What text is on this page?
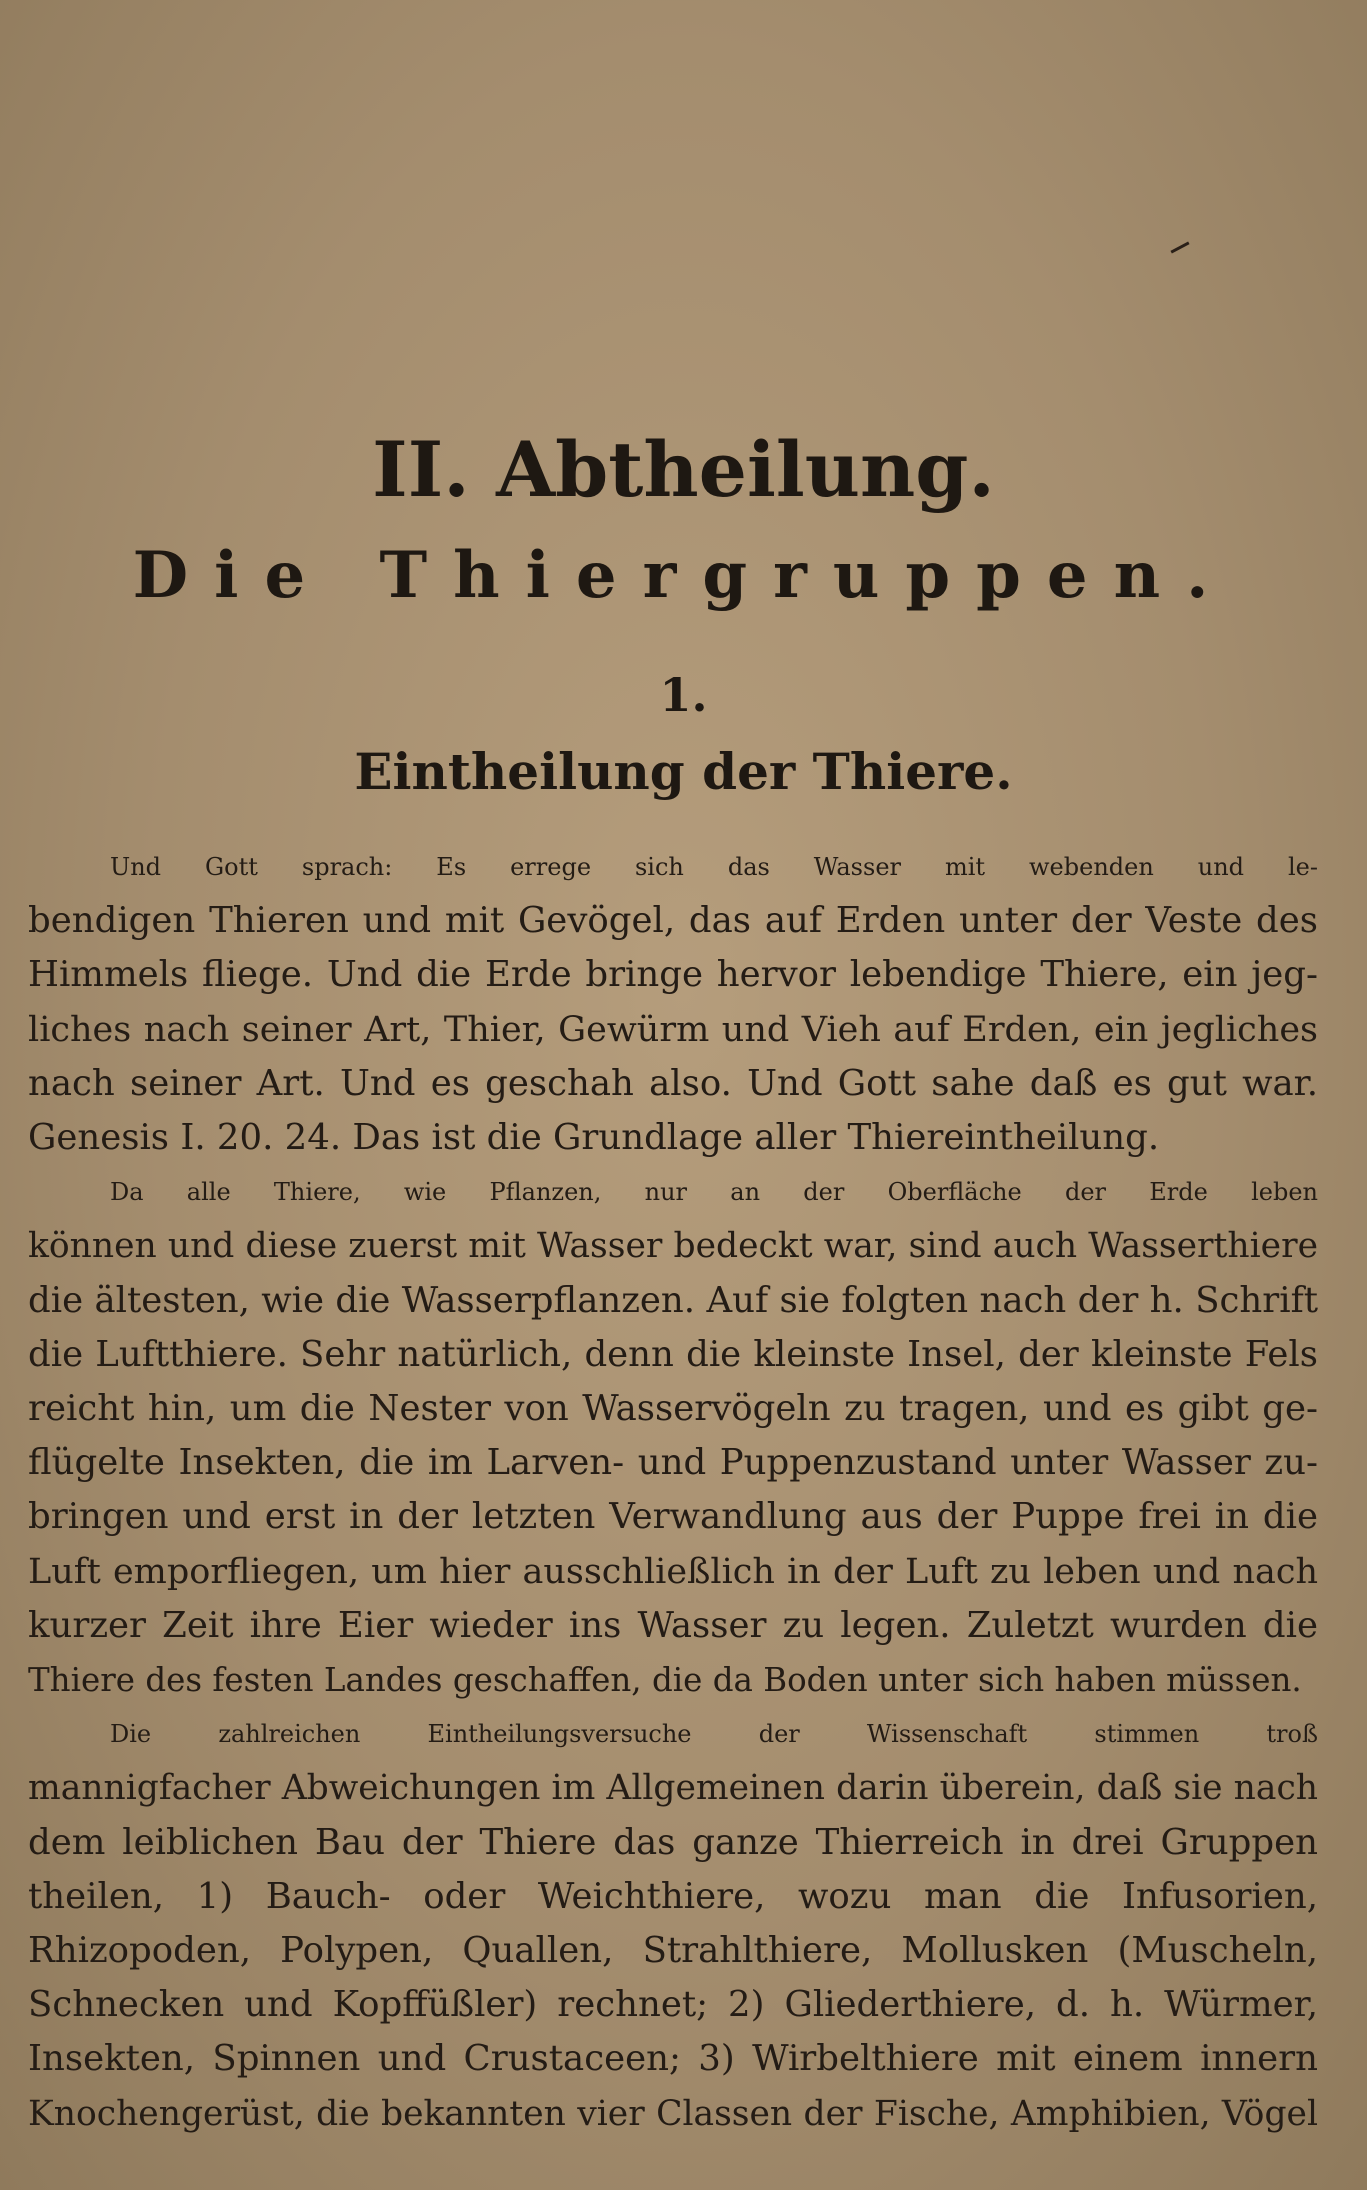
II. Abtheilung.
Die Thiergruppen.
1.
Eintheilung der Thiere.

Und Gott sprach: Es errege sich das Wasser mit webenden und le-
bendigen Thieren und mit Gevögel, das auf Erden unter der Veste des
Himmels fliege. Und die Erde bringe hervor lebendige Thiere, ein jeg-
liches nach seiner Art, Thier, Gewürm und Vieh auf Erden, ein jegliches
nach seiner Art. Und es geschah also. Und Gott sahe daß es gut war.
Genesis I. 20. 24. Das ist die Grundlage aller Thiereintheilung.

Da alle Thiere, wie Pflanzen, nur an der Oberfläche der Erde leben
können und diese zuerst mit Wasser bedeckt war, sind auch Wasserthiere
die ältesten, wie die Wasserpflanzen. Auf sie folgten nach der h. Schrift
die Luftthiere. Sehr natürlich, denn die kleinste Insel, der kleinste Fels
reicht hin, um die Nester von Wasservögeln zu tragen, und es gibt ge-
flügelte Insekten, die im Larven- und Puppenzustand unter Wasser zu-
bringen und erst in der letzten Verwandlung aus der Puppe frei in die
Luft emporfliegen, um hier ausschließlich in der Luft zu leben und nach
kurzer Zeit ihre Eier wieder ins Wasser zu legen. Zuletzt wurden die
Thiere des festen Landes geschaffen, die da Boden unter sich haben müssen.

Die zahlreichen Eintheilungsversuche der Wissenschaft stimmen troß
mannigfacher Abweichungen im Allgemeinen darin überein, daß sie nach
dem leiblichen Bau der Thiere das ganze Thierreich in drei Gruppen
theilen, 1) Bauch- oder Weichthiere, wozu man die Infusorien,
Rhizopoden, Polypen, Quallen, Strahlthiere, Mollusken (Muscheln,
Schnecken und Kopffüßler) rechnet; 2) Gliederthiere, d. h. Würmer,
Insekten, Spinnen und Crustaceen; 3) Wirbelthiere mit einem innern
Knochengerüst, die bekannten vier Classen der Fische, Amphibien, Vögel
